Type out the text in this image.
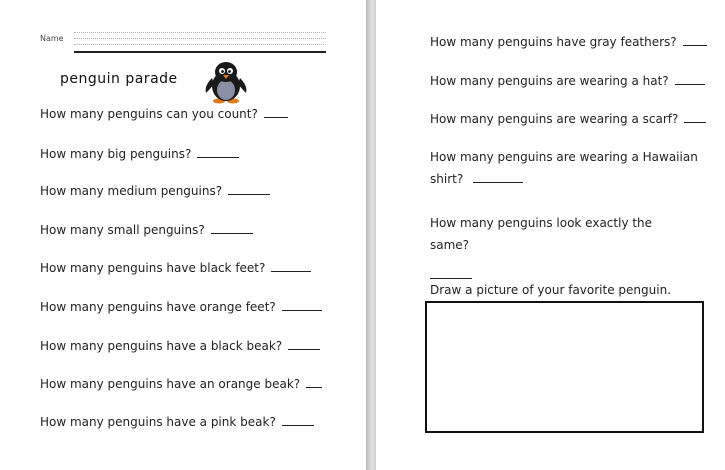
Name
penguin parade
How many penguins can you count?
How many big penguins?
How many medium penguins?
How many small penguins?
How many penguins have black feet?
How many penguins have orange feet?
How many penguins have a black beak?
How many penguins have an orange beak?
How many penguins have a pink beak?
How many penguins have gray feathers?
How many penguins are wearing a hat?
How many penguins are wearing a scarf?
How many penguins are wearing a Hawaiian shirt?
How many penguins look exactly the same?
Draw a picture of your favorite penguin.
